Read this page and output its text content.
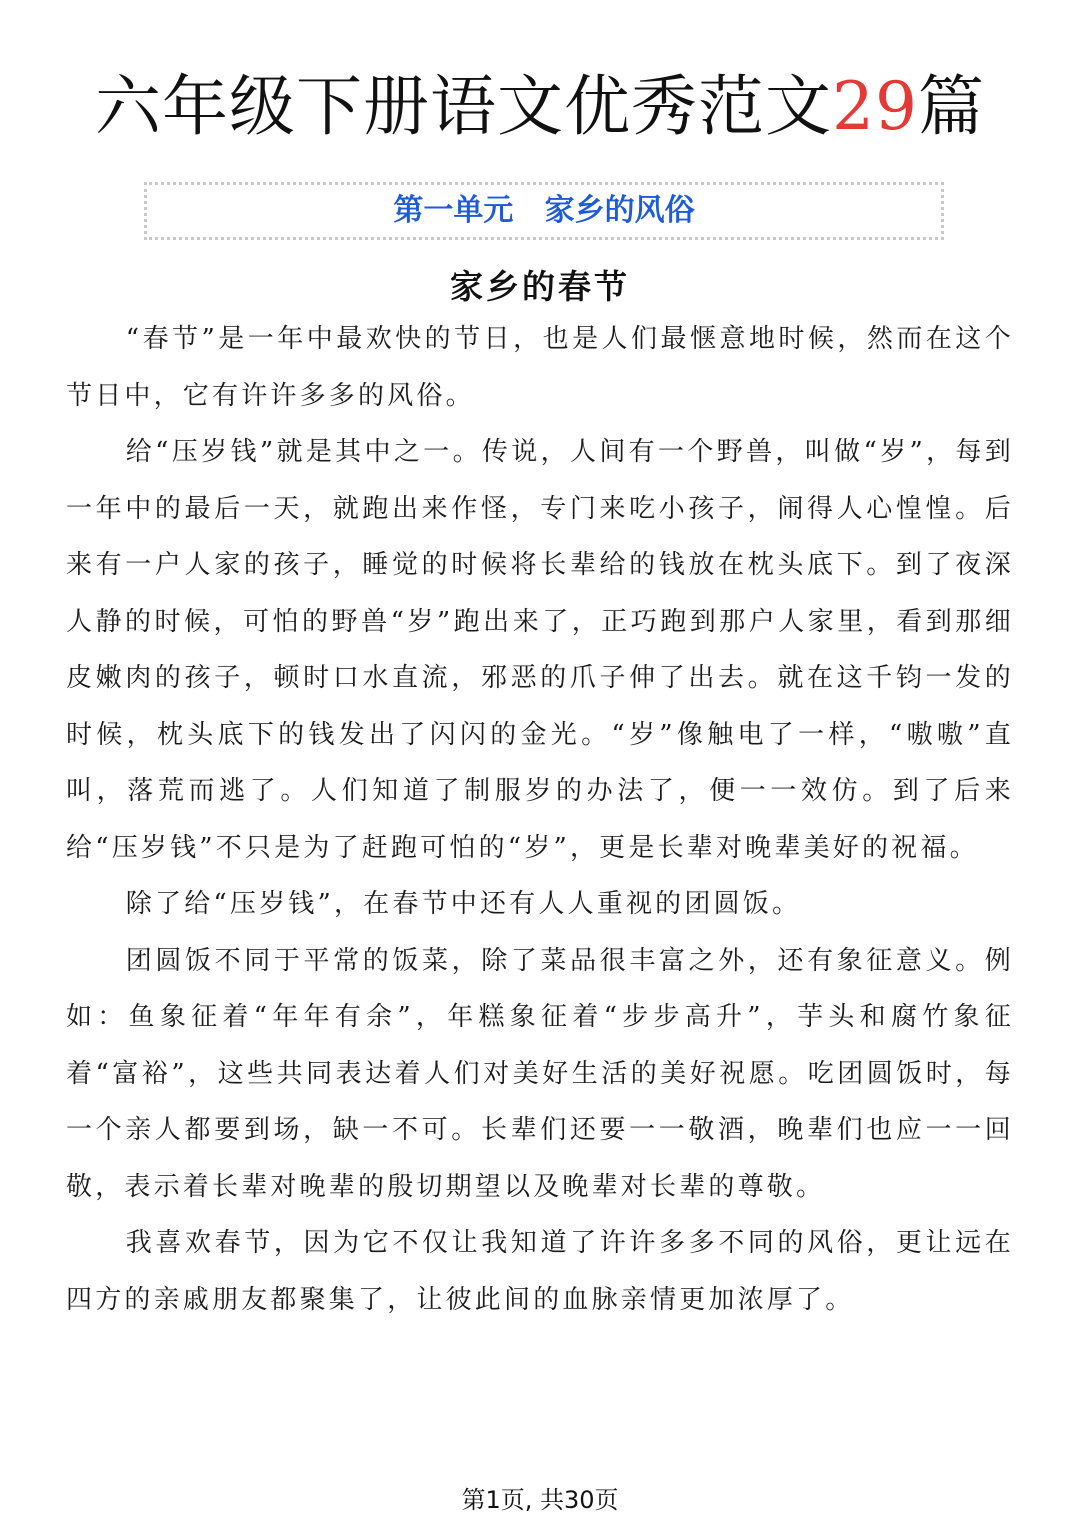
六年级下册语文优秀范文29篇
第一单元   家乡的风俗
家乡的春节

“春节”是一年中最欢快的节日，也是人们最惬意地时候，然而在这个节日中，它有许许多多的风俗。

给“压岁钱”就是其中之一。传说，人间有一个野兽，叫做“岁”，每到一年中的最后一天，就跑出来作怪，专门来吃小孩子，闹得人心惶惶。后来有一户人家的孩子，睡觉的时候将长辈给的钱放在枕头底下。到了夜深人静的时候，可怕的野兽“岁”跑出来了，正巧跑到那户人家里，看到那细皮嫩肉的孩子，顿时口水直流，邪恶的爪子伸了出去。就在这千钧一发的时候，枕头底下的钱发出了闪闪的金光。“岁”像触电了一样，“嗷嗷”直叫，落荒而逃了。人们知道了制服岁的办法了，便一一效仿。到了后来给“压岁钱”不只是为了赶跑可怕的“岁”，更是长辈对晚辈美好的祝福。

除了给“压岁钱”，在春节中还有人人重视的团圆饭。

团圆饭不同于平常的饭菜，除了菜品很丰富之外，还有象征意义。例如：鱼象征着“年年有余”，年糕象征着“步步高升”，芋头和腐竹象征着“富裕”，这些共同表达着人们对美好生活的美好祝愿。吃团圆饭时，每一个亲人都要到场，缺一不可。长辈们还要一一敬酒，晚辈们也应一一回敬，表示着长辈对晚辈的殷切期望以及晚辈对长辈的尊敬。

我喜欢春节，因为它不仅让我知道了许许多多不同的风俗，更让远在四方的亲戚朋友都聚集了，让彼此间的血脉亲情更加浓厚了。

第1页, 共30页
